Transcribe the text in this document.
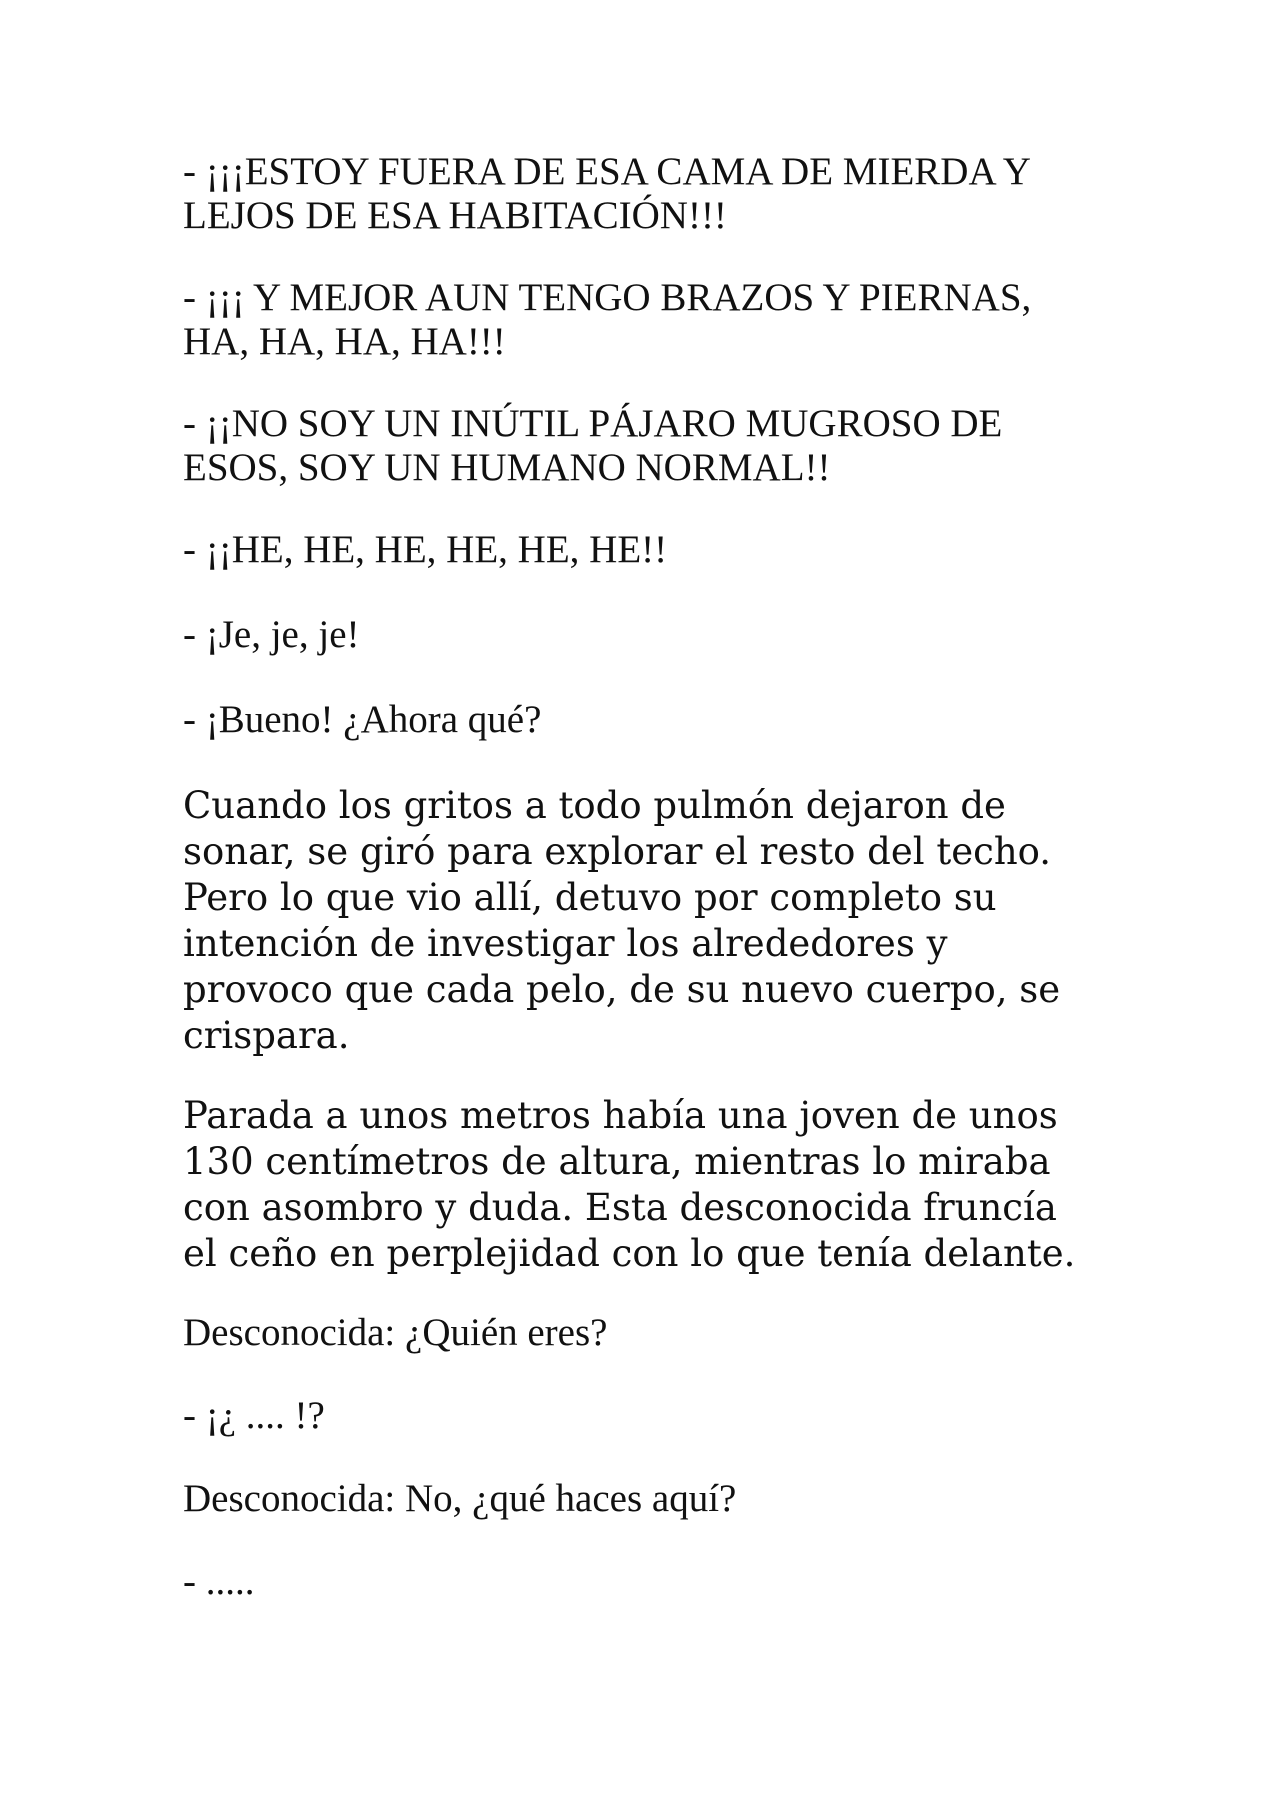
- ¡¡¡ESTOY FUERA DE ESA CAMA DE MIERDA Y
LEJOS DE ESA HABITACIÓN!!!
- ¡¡¡ Y MEJOR AUN TENGO BRAZOS Y PIERNAS,
HA, HA, HA, HA!!!
- ¡¡NO SOY UN INÚTIL PÁJARO MUGROSO DE
ESOS, SOY UN HUMANO NORMAL!!
- ¡¡HE, HE, HE, HE, HE, HE!!
- ¡Je, je, je!
- ¡Bueno! ¿Ahora qué?
Cuando los gritos a todo pulmón dejaron de
sonar, se giró para explorar el resto del techo.
Pero lo que vio allí, detuvo por completo su
intención de investigar los alrededores y
provoco que cada pelo, de su nuevo cuerpo, se
crispara.
Parada a unos metros había una joven de unos
130 centímetros de altura, mientras lo miraba
con asombro y duda. Esta desconocida fruncía
el ceño en perplejidad con lo que tenía delante.
Desconocida: ¿Quién eres?
- ¡¿ .... !?
Desconocida: No, ¿qué haces aquí?
- .....
